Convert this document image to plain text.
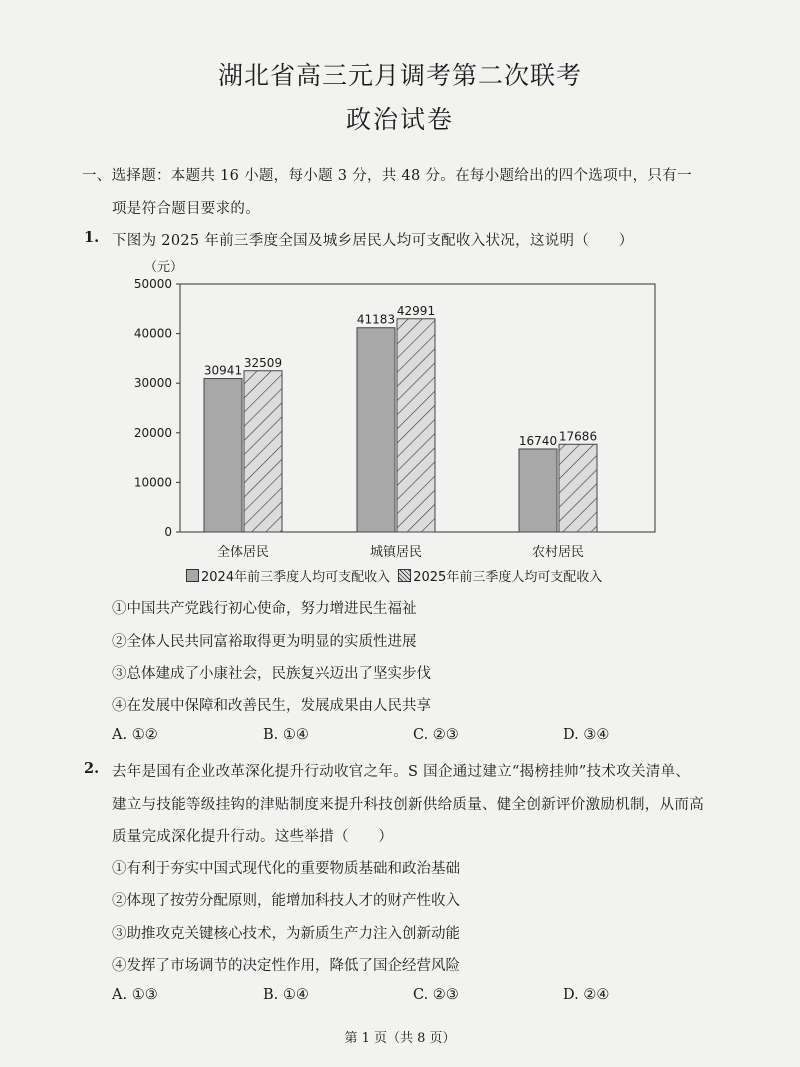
湖北省高三元月调考第二次联考
政治试卷
一、选择题：本题共 16 小题，每小题 3 分，共 48 分。在每小题给出的四个选项中，只有一
项是符合题目要求的。
1. 下图为 2025 年前三季度全国及城乡居民人均可支配收入状况，这说明（　　）
（元）
0
10000
20000
30000
40000
50000
30941
32509
41183
42991
16740 17686
全体居民	城镇居民	农村居民
2024年前三季度人均可支配收入 2025年前三季度人均可支配收入
①中国共产党践行初心使命，努力增进民生福祉
②全体人民共同富裕取得更为明显的实质性进展
③总体建成了小康社会，民族复兴迈出了坚实步伐
④在发展中保障和改善民生，发展成果由人民共享
A. ①②	B. ①④	C. ②③	D. ③④
2. 去年是国有企业改革深化提升行动收官之年。S 国企通过建立“揭榜挂帅”技术攻关清单、
建立与技能等级挂钩的津贴制度来提升科技创新供给质量、健全创新评价激励机制，从而高
质量完成深化提升行动。这些举措（　　）
①有利于夯实中国式现代化的重要物质基础和政治基础
②体现了按劳分配原则，能增加科技人才的财产性收入
③助推攻克关键核心技术，为新质生产力注入创新动能
④发挥了市场调节的决定性作用，降低了国企经营风险
A. ①③	B. ①④	C. ②③	D. ②④
第 1 页（共 8 页）
